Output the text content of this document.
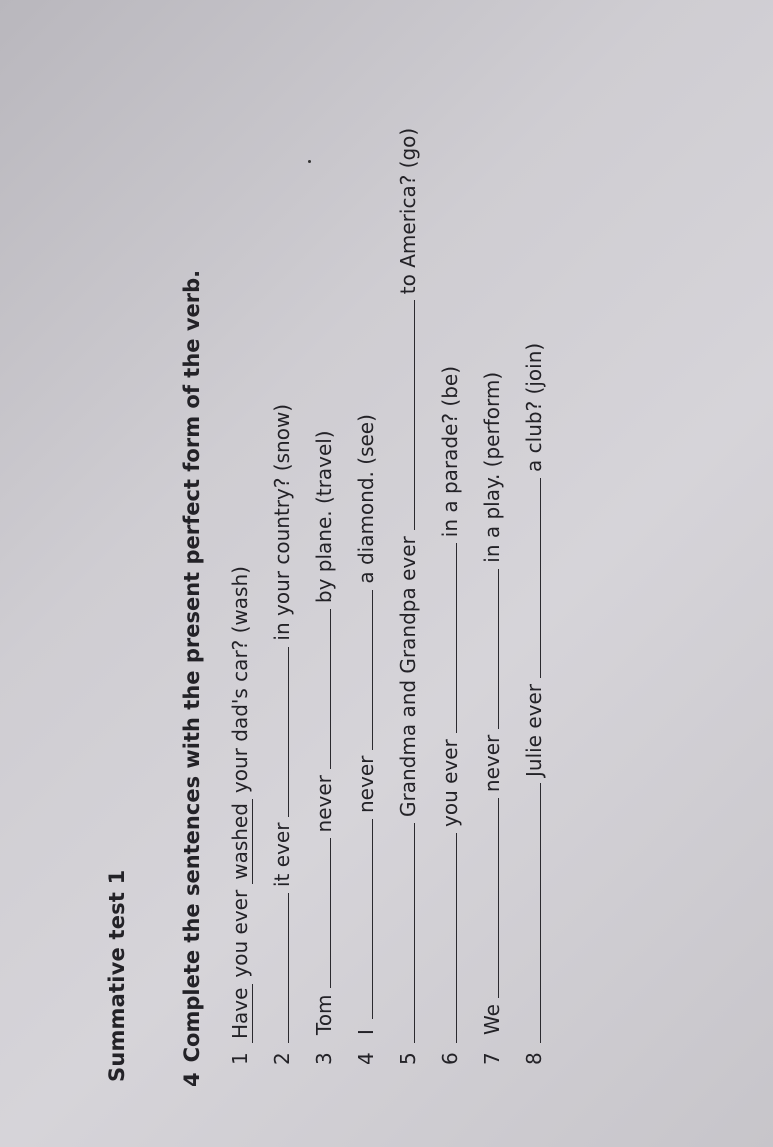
Summative test 1 4Complete the sentences with the present perfect form of the verb. 1
Have
you ever
washed
your dad's car? (wash)
2
it ever
in your country? (snow)
3
Tom
never
by plane. (travel)
4
I
never
a diamond. (see)
5
Grandma and Grandpa ever
to America? (go)
6
you ever
in a parade? (be)
7
We
never
in a play. (perform)
8
Julie ever
a club? (join)
